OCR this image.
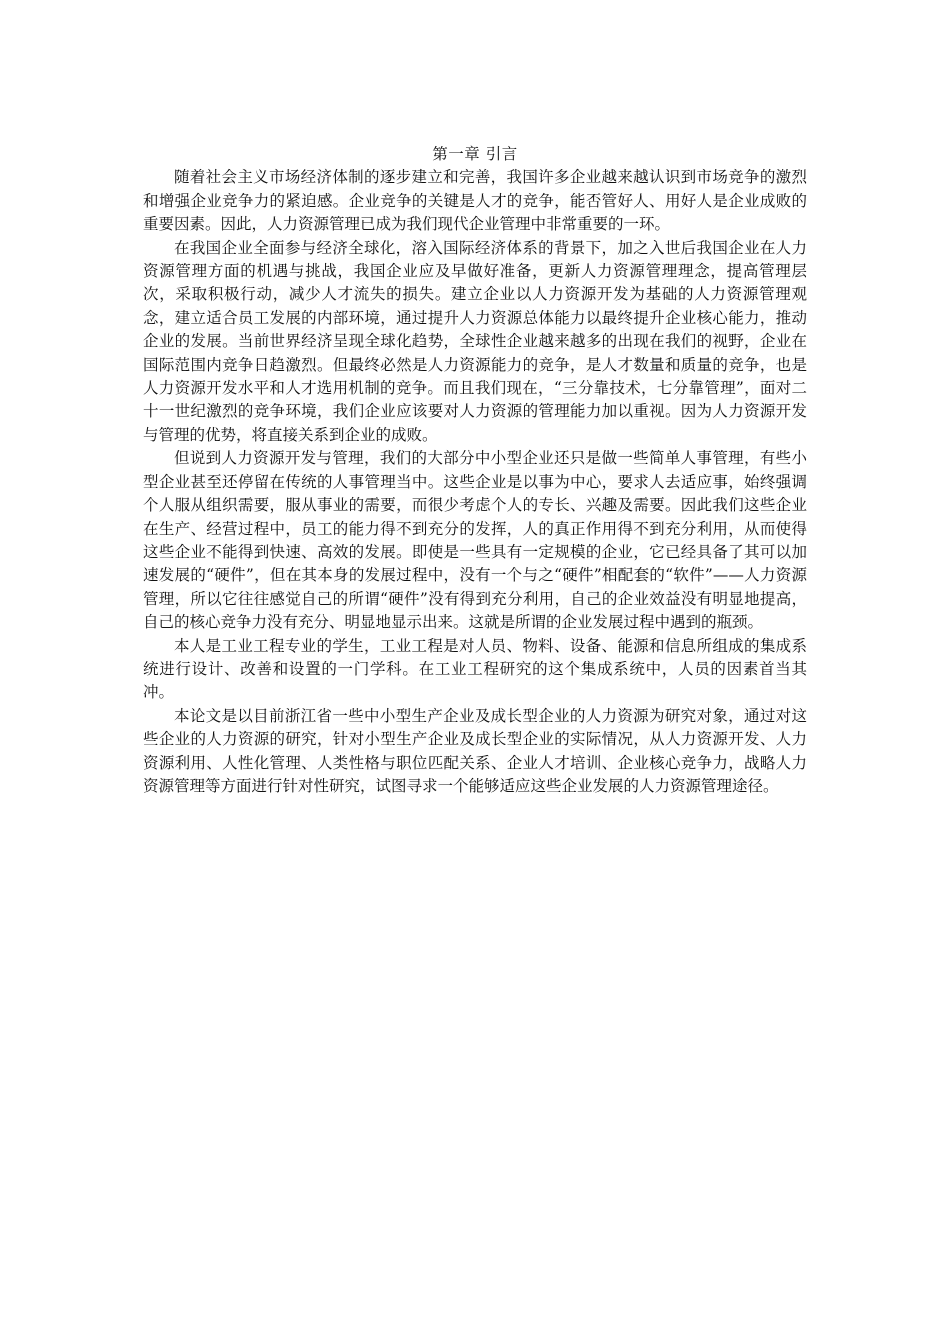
第一章 引言

随着社会主义市场经济体制的逐步建立和完善，我国许多企业越来越认识到市场竞争的激烈和增强企业竞争力的紧迫感。企业竞争的关键是人才的竞争，能否管好人、用好人是企业成败的重要因素。因此，人力资源管理已成为我们现代企业管理中非常重要的一环。

在我国企业全面参与经济全球化，溶入国际经济体系的背景下，加之入世后我国企业在人力资源管理方面的机遇与挑战，我国企业应及早做好准备，更新人力资源管理理念，提高管理层次，采取积极行动，减少人才流失的损失。建立企业以人力资源开发为基础的人力资源管理观念，建立适合员工发展的内部环境，通过提升人力资源总体能力以最终提升企业核心能力，推动企业的发展。当前世界经济呈现全球化趋势，全球性企业越来越多的出现在我们的视野，企业在国际范围内竞争日趋激烈。但最终必然是人力资源能力的竞争，是人才数量和质量的竞争，也是人力资源开发水平和人才选用机制的竞争。而且我们现在，“三分靠技术，七分靠管理”，面对二十一世纪激烈的竞争环境，我们企业应该要对人力资源的管理能力加以重视。因为人力资源开发与管理的优势，将直接关系到企业的成败。

但说到人力资源开发与管理，我们的大部分中小型企业还只是做一些简单人事管理，有些小型企业甚至还停留在传统的人事管理当中。这些企业是以事为中心，要求人去适应事，始终强调个人服从组织需要，服从事业的需要，而很少考虑个人的专长、兴趣及需要。因此我们这些企业在生产、经营过程中，员工的能力得不到充分的发挥，人的真正作用得不到充分利用，从而使得这些企业不能得到快速、高效的发展。即使是一些具有一定规模的企业，它已经具备了其可以加速发展的“硬件”，但在其本身的发展过程中，没有一个与之“硬件”相配套的“软件”——人力资源管理，所以它往往感觉自己的所谓“硬件”没有得到充分利用，自己的企业效益没有明显地提高，自己的核心竞争力没有充分、明显地显示出来。这就是所谓的企业发展过程中遇到的瓶颈。

本人是工业工程专业的学生，工业工程是对人员、物料、设备、能源和信息所组成的集成系统进行设计、改善和设置的一门学科。在工业工程研究的这个集成系统中，人员的因素首当其冲。

本论文是以目前浙江省一些中小型生产企业及成长型企业的人力资源为研究对象，通过对这些企业的人力资源的研究，针对小型生产企业及成长型企业的实际情况，从人力资源开发、人力资源利用、人性化管理、人类性格与职位匹配关系、企业人才培训、企业核心竞争力，战略人力资源管理等方面进行针对性研究，试图寻求一个能够适应这些企业发展的人力资源管理途径。
